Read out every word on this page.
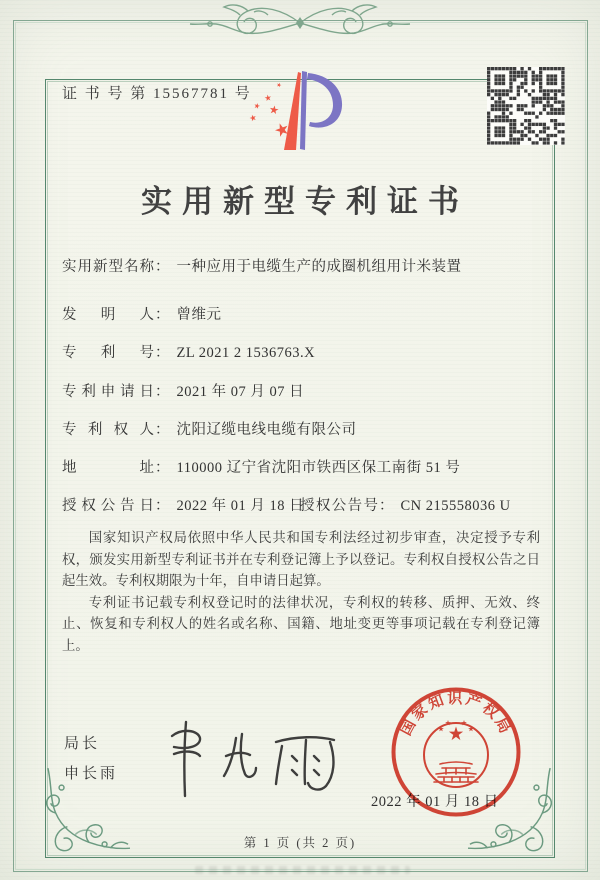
证 书 号 第 15567781 号
实用新型专利证书
实用新型名称： 一种应用于电缆生产的成圈机组用计米装置
发明人： 曾维元
专利号： ZL 2021 2 1536763.X
专利申请日： 2021 年 07 月 07 日
专利权人： 沈阳辽缆电线电缆有限公司
地址： 110000 辽宁省沈阳市铁西区保工南街 51 号
授权公告日： 2022 年 01 月 18 日
授权公告号： CN 215558036 U

国家知识产权局依照中华人民共和国专利法经过初步审查，决定授予专利权，颁发实用新型专利证书并在专利登记簿上予以登记。专利权自授权公告之日起生效。专利权期限为十年，自申请日起算。

专利证书记载专利权登记时的法律状况，专利权的转移、质押、无效、终止、恢复和专利权人的姓名或名称、国籍、地址变更等事项记载在专利登记簿上。

局长
申长雨
2022 年 01 月 18 日
国家知识产权局
第 1 页 (共 2 页)
